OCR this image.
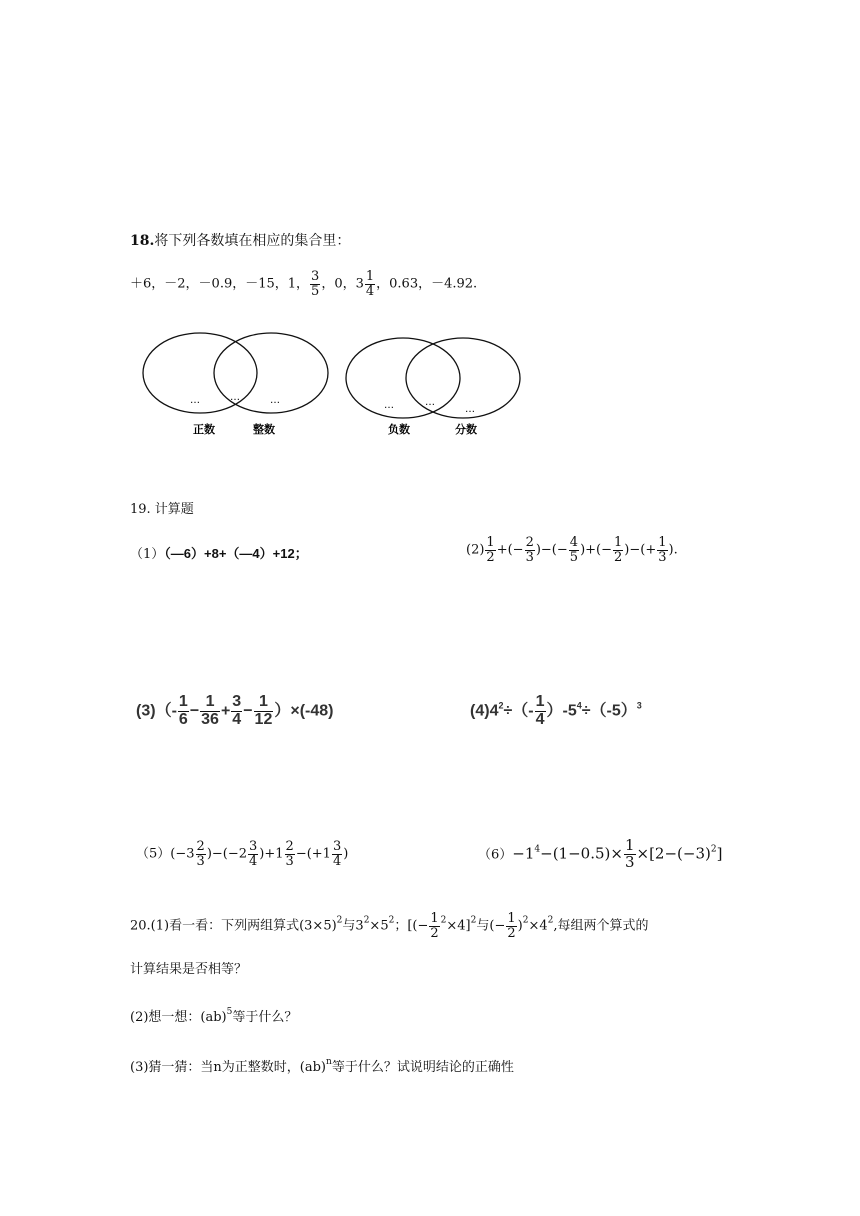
18.将下列各数填在相应的集合里：
＋6，－2，－0.9，－15，1， $\frac{3}{5}$ ，0，$3 \frac{1}{4}$ ，0.63，－4.92.
…	…	…	…	…
…
正数	整数	负数	分数
19. 计算题
（1）（—6）+8+（—4）+12；	$(2) \frac{1}{2}$ +(− $\frac{2}{3}$ )−(− $\frac{4}{5}$ )+(− $\frac{1}{2}$ )−(+ $\frac{1}{3}$ ).
$(3)(- \frac{1}{6} - \frac{1}{36} + \frac{3}{4} - \frac{1}{12} )\times(-48)$	$(4)4^2\div(- \frac{1}{4} )-5^4\div(-5)^3$
$(5)(-3 \frac{2}{3} )-(-2 \frac{3}{4} )+1 \frac{2}{3} -(+1 \frac{3}{4}$ )	$(6)-1^4-(1-0.5)\times \frac{1}{3} \times[2-(-3)^2]$
20.(1)看一看：下列两组算式$(3\times 5)^2$与$3^2\times 5^2$；[(− $\frac{1}{2} ^2\times 4]^2$与(− $\frac{1}{2} )^2\times 4^2$,每组两个算式的
计算结果是否相等？
(2)想一想：(ab)$^5$等于什么？
(3)猜一猜：当n为正整数时，(ab)$^n$等于什么？试说明结论的正确性
